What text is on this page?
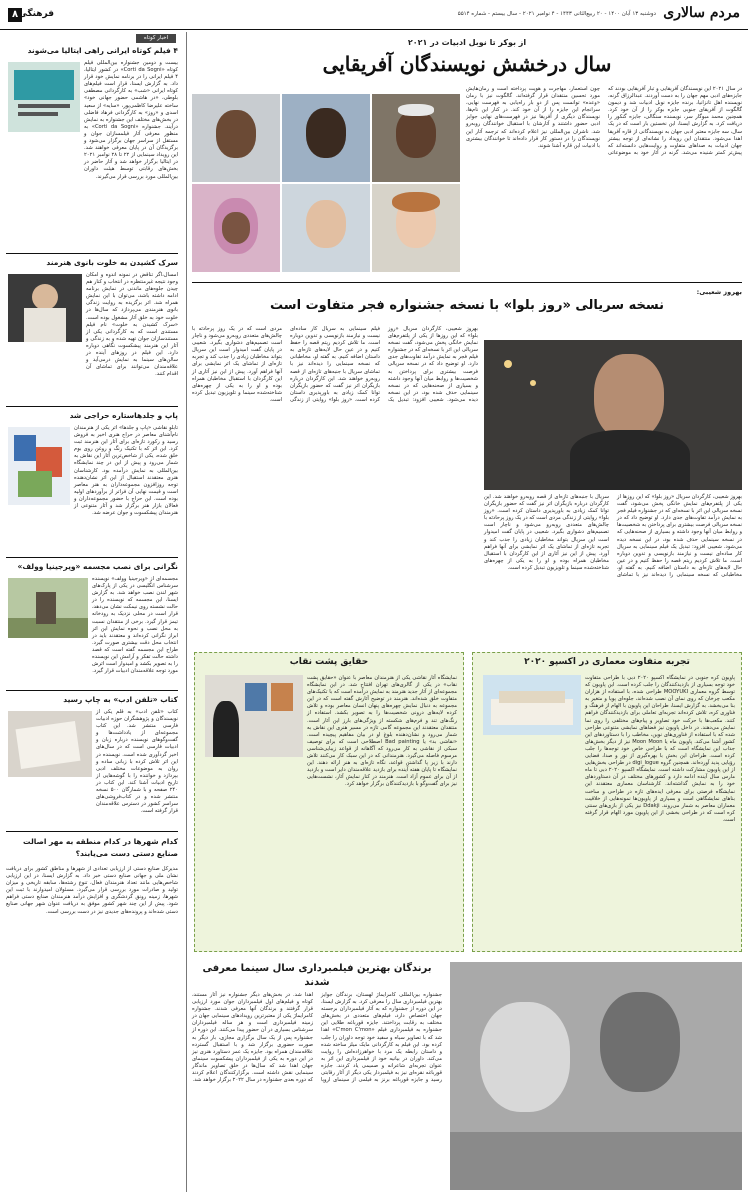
مردم سالاری
دوشنبه ۱۳ آبان ۱۴۰۰ - ۲۰ ربیع‌الثانی ۱۴۴۳ - ۴ نوامبر ۲۰۲۱ - سال بیستم - شماره ۵۵۱۴
۸ فرهنگی
اخبار کوتاه
۴ فیلم کوتاه ایرانی راهی ایتالیا می‌شوند

بیست و دومین جشنواره بین‌المللی فیلم کوتاه «Corti da Sogni» در کشور ایتالیا، ۴ فیلم ایرانی را در برنامه نمایش خود قرار داد. به گزارش ایسنا، قرار است فیلم‌های کوتاه ایرانی «شب» به کارگردانی مصطفی بلوطی، «در هاشمی حضور جهانی خود» ساخته علیرضا کاظمی‌پور، «سایه» از سعید اسدی و «روز» به کارگردانی فرهاد فاضلی در بخش‌های مختلف این جشنواره به نمایش درآیند. جشنواره «Corti da Sogni» به منظور معرفی آثار فیلمسازان جوان و مستقل از سراسر جهان برگزار می‌شود و برگزیدگان آن در پایان معرفی خواهند شد. این رویداد سینمایی از ۲۲ تا ۲۸ نوامبر ۲۰۲۱ در ایتالیا برگزار خواهد شد و آثار حاضر در بخش‌های رقابتی توسط هیئت داوران بین‌المللی مورد بررسی قرار می‌گیرند.

سرک کشیدن به خلوت بانوی هنرمند

امسال،اگر تناقض در نمونه اندوه و امکان وجود نتیجه غیرمنتظره در انتخاب و کنار هم چیدن جلوه‌های ماندنی در نمایش برنامه ادامه داشته باشد، می‌توان با این نمایش همراه شد. اثر برگزیده به روایت زندگی بانوی هنرمندی می‌پردازد که سال‌ها در خلوت خود به خلق آثار مشغول بوده است. «سرک کشیدن به خلوت» نام فیلم مستندی است که به کارگردانی یکی از مستندسازان جوان تهیه شده و به زندگی و آثار این هنرمند پیشکسوت نگاهی دوباره دارد. این فیلم در روزهای آینده در سالن‌های سینما به نمایش درمی‌آید و علاقه‌مندان می‌توانند برای تماشای آن اقدام کنند.

پاپ و جلدها‌ستاره حراجی شد

تابلو نقاشی «پاپ و جلدها» اثر یکی از هنرمندان نام‌آشنای معاصر در حراج هنری اخیر به فروش رسید و رکورد تازه‌ای برای آثار این هنرمند ثبت کرد. این اثر که با تکنیک رنگ و روغن روی بوم خلق شده، یکی از شاخص‌ترین آثار این نقاش به شمار می‌رود و پیش از این در چند نمایشگاه بین‌المللی به نمایش درآمده بود. کارشناسان هنری معتقدند استقبال از این اثر نشان‌دهنده توجه روزافزون مجموعه‌داران به هنر معاصر است و قیمت نهایی آن فراتر از برآوردهای اولیه بوده است. این حراج با حضور مجموعه‌داران و فعالان بازار هنر برگزار شد و آثار متنوعی از هنرمندان پیشکسوت و جوان عرضه شد.

نگرانی برای نصب مجسمه «ویرجینیا وولف»

مجسمه‌ای از «ویرجینیا وولف» نویسنده سرشناس انگلیسی در یکی از پارک‌های شهر لندن نصب خواهد شد. به گزارش ایسنا، این مجسمه که نویسنده را در حالت نشسته روی نیمکت نشان می‌دهد، قرار است در محلی نزدیک به رودخانه تیمز قرار گیرد. برخی از منتقدان نسبت به محل نصب و نحوه نمایش این اثر ابراز نگرانی کرده‌اند و معتقدند باید در انتخاب محل دقت بیشتری صورت گیرد. طراح این مجسمه گفته است که قصد داشته حالت تفکر و آرامش این نویسنده را به تصویر بکشد و امیدوار است اثرش مورد توجه علاقه‌مندان ادبیات قرار گیرد.

کتاب «تلفن ادب» به چاپ رسید

کتاب «تلفن ادب» به قلم یکی از نویسندگان و پژوهشگران حوزه ادبیات فارسی منتشر شد. این کتاب مجموعه‌ای از یادداشت‌ها و گفت‌وگوهای نویسنده درباره زبان و ادبیات فارسی است که در سال‌های اخیر گردآوری شده است. نویسنده در این اثر تلاش کرده با زبانی ساده و روان به موضوعات مختلف ادبی بپردازد و خواننده را با گوشه‌هایی از تاریخ ادبیات آشنا کند. این کتاب در ۲۴۰ صفحه و با شمارگان ۵۰۰ نسخه منتشر شده و در کتاب‌فروشی‌های سراسر کشور در دسترس علاقه‌مندان قرار گرفته است.

کدام شهرها در کدام منطقه به مهر اصالت صنایع دستی دست می‌یابند؟

مدیرکل صنایع دستی از ارزیابی تعدادی از شهرها و مناطق کشور برای دریافت نشان ملی و جهانی صنایع دستی خبر داد. به گزارش ایسنا، در این ارزیابی شاخص‌هایی مانند تعداد هنرمندان فعال، تنوع رشته‌ها، سابقه تاریخی و میزان تولید و صادرات مورد بررسی قرار می‌گیرد. مسئولان امیدوارند با ثبت این شهرها، زمینه رونق گردشگری و افزایش درآمد هنرمندان صنایع دستی فراهم شود. پیش از این چند شهر کشور موفق به دریافت عنوان شهر جهانی صنایع دستی شده‌اند و پرونده‌های جدیدی نیز در دست بررسی است.

از بوکر تا نوبل ادبیات در ۲۰۲۱
سال درخشش نویسندگان آفریقایی

در سال ۲۰۲۱ این نویسندگان آفریقایی و تبار آفریقایی بودند که جایزه‌های ادبی مهم جهان را به دست آوردند. عبدالرزاق گرنه، نویسنده اهل تانزانیا، برنده جایزه نوبل ادبیات شد و دیمون گالگوت از آفریقای جنوبی جایزه بوکر را از آن خود کرد. همچنین محمد مبوگار سر، نویسنده سنگالی، جایزه گنکور را دریافت کرد. به گزارش ایسنا، این نخستین بار است که در یک سال، سه جایزه معتبر ادبی جهان به نویسندگانی از قاره آفریقا اهدا می‌شود. منتقدان این رویداد را نشانه‌ای از توجه بیشتر جهان ادبیات به صداهای متفاوت و روایت‌هایی دانسته‌اند که پیش‌تر کمتر شنیده می‌شد. گرنه در آثار خود به موضوعاتی چون استعمار، مهاجرت و هویت پرداخته است و رمان‌هایش مورد تحسین منتقدان قرار گرفته‌اند. گالگوت نیز با رمان «وعده» توانست پس از دو بار راه‌یابی به فهرست نهایی، سرانجام این جایزه را از آن خود کند. در کنار این نام‌ها، نویسندگان دیگری از آفریقا نیز در فهرست‌های نهایی جوایز ادبی حضور داشتند و آثارشان با استقبال خوانندگان روبه‌رو شد. ناشران بین‌المللی نیز اعلام کرده‌اند که ترجمه آثار این نویسندگان را در دستور کار قرار داده‌اند تا خوانندگان بیشتری با ادبیات این قاره آشنا شوند.

بهروز شعیبی:
نسخه سریالی «روز بلوا» با نسخه جشنواره فجر متفاوت است

بهروز شعیبی، کارگردان سریال «روز بلوا» که این روزها از یکی از پلتفرم‌های نمایش خانگی پخش می‌شود، گفت نسخه سریالی این اثر با نسخه‌ای که در جشنواره فیلم فجر به نمایش درآمد تفاوت‌های جدی دارد. او توضیح داد که در نسخه سریالی فرصت بیشتری برای پرداختن به شخصیت‌ها و روابط میان آنها وجود داشته و بسیاری از صحنه‌هایی که در نسخه سینمایی حذف شده بود، در این نسخه دیده می‌شود. شعیبی افزود: تبدیل یک فیلم سینمایی به سریال کار ساده‌ای نیست و نیازمند بازنویسی و تدوین دوباره است. ما تلاش کردیم ریتم قصه را حفظ کنیم و در عین حال لایه‌های تازه‌ای به داستان اضافه کنیم. به گفته او، مخاطبانی که نسخه سینمایی را دیده‌اند نیز با تماشای سریال با جنبه‌های تازه‌ای از قصه روبه‌رو خواهند شد. این کارگردان درباره بازیگران اثر نیز گفت که حضور بازیگران توانا کمک زیادی به باورپذیری داستان کرده است. «روز بلوا» روایتی از زندگی مردی است که در یک روز پرحادثه با چالش‌های متعددی روبه‌رو می‌شود و ناچار است تصمیم‌های دشواری بگیرد. شعیبی در پایان گفت امیدوار است این سریال بتواند مخاطبان زیادی را جذب کند و تجربه تازه‌ای از تماشای یک اثر نمایشی برای آنها فراهم آورد. پیش از این نیز آثاری از این کارگردان با استقبال مخاطبان همراه بوده و او را به یکی از چهره‌های شناخته‌شده سینما و تلویزیون تبدیل کرده است.

بهروز شعیبی، کارگردان سریال «روز بلوا» که این روزها از یکی از پلتفرم‌های نمایش خانگی پخش می‌شود، گفت نسخه سریالی این اثر با نسخه‌ای که در جشنواره فیلم فجر به نمایش درآمد تفاوت‌های جدی دارد. او توضیح داد که در نسخه سریالی فرصت بیشتری برای پرداختن به شخصیت‌ها و روابط میان آنها وجود داشته و بسیاری از صحنه‌هایی که در نسخه سینمایی حذف شده بود، در این نسخه دیده می‌شود. شعیبی افزود: تبدیل یک فیلم سینمایی به سریال کار ساده‌ای نیست و نیازمند بازنویسی و تدوین دوباره است. ما تلاش کردیم ریتم قصه را حفظ کنیم و در عین حال لایه‌های تازه‌ای به داستان اضافه کنیم. به گفته او، مخاطبانی که نسخه سینمایی را دیده‌اند نیز با تماشای سریال با جنبه‌های تازه‌ای از قصه روبه‌رو خواهند شد. این کارگردان درباره بازیگران اثر نیز گفت که حضور بازیگران توانا کمک زیادی به باورپذیری داستان کرده است. «روز بلوا» روایتی از زندگی مردی است که در یک روز پرحادثه با چالش‌های متعددی روبه‌رو می‌شود و ناچار است تصمیم‌های دشواری بگیرد. شعیبی در پایان گفت امیدوار است این سریال بتواند مخاطبان زیادی را جذب کند و تجربه تازه‌ای از تماشای یک اثر نمایشی برای آنها فراهم آورد. پیش از این نیز آثاری از این کارگردان با استقبال مخاطبان همراه بوده و او را به یکی از چهره‌های شناخته‌شده سینما و تلویزیون تبدیل کرده است.

حقایق پشت نقاب

نمایشگاه آثار نقاشی یکی از هنرمندان معاصر با عنوان «حقایق پشت نقاب» در یکی از گالری‌های تهران افتتاح شد. در این نمایشگاه مجموعه‌ای از آثار جدید هنرمند به نمایش درآمده است که با تکنیک‌های متفاوت خلق شده‌اند. هنرمند در توضیح آثارش گفته است که در این مجموعه به دنبال نمایش چهره‌های پنهان انسان معاصر بوده و تلاش کرده لایه‌های درونی شخصیت‌ها را به تصویر بکشد. استفاده از رنگ‌های تند و فرم‌های شکسته از ویژگی‌های بارز این آثار است. منتقدان معتقدند این مجموعه گامی تازه در مسیر هنری این نقاش به شمار می‌رود و نشان‌دهنده بلوغ او در بیان مفاهیم پیچیده است. «نقاشی بد» یا Bad painting اصطلاحی است که برای توصیف سبکی از نقاشی به کار می‌رود که آگاهانه از قواعد زیبایی‌شناسی مرسوم فاصله می‌گیرد. هنرمندانی که در این سبک کار می‌کنند تلاش دارند با زیر پا گذاشتن قواعد، نگاه تازه‌ای به هنر ارائه دهند. این نمایشگاه تا پایان هفته آینده برای بازدید علاقه‌مندان دایر است و بازدید از آن برای عموم آزاد است. هنرمند در کنار نمایش آثار، نشست‌هایی نیز برای گفت‌وگو با بازدیدکنندگان برگزار خواهد کرد.

تجربه متفاوت معماری در اکسپو ۲۰۲۰

پاویون کره جنوبی در نمایشگاه اکسپو ۲۰۲۰ دبی با طراحی متفاوت خود توجه بسیاری از بازدیدکنندگان را جلب کرده است. این پاویون که توسط گروه معماری MOOYUKI طراحی شده، با استفاده از هزاران مکعب چرخان که روی نمای آن نصب شده‌اند، جلوه‌ای پویا و متغیر به بنا می‌بخشد. به گزارش ایسنا، طراحان این پاویون با الهام از فرهنگ و فناوری کره، تلاش کرده‌اند تجربه‌ای تعاملی برای بازدیدکنندگان فراهم کنند. مکعب‌ها با حرکت خود تصاویر و پیام‌های مختلفی را روی نما نمایش می‌دهند. در داخل پاویون نیز فضاهای نمایشی متنوعی طراحی شده که با استفاده از فناوری‌های نوین، مخاطب را با دستاوردهای این کشور آشنا می‌کند. پاویون ماه یا Moon Moon نیز از دیگر بخش‌های جذاب این نمایشگاه است که با طراحی خاص خود توجه‌ها را جلب کرده است. طراحان این بخش با بهره‌گیری از نور و صدا، فضایی رؤیایی پدید آورده‌اند. همچنین گروه digi_logue در طراحی بخش‌هایی از این پاویون مشارکت داشته است. نمایشگاه اکسپو ۲۰۲۰ دبی تا ماه مارس سال آینده ادامه دارد و کشورهای مختلف در آن دستاوردهای خود را به نمایش گذاشته‌اند. کارشناسان معماری معتقدند این نمایشگاه فرصتی برای معرفی ایده‌های تازه در طراحی و ساخت بناهای نمایشگاهی است و بسیاری از پاویون‌ها نمونه‌هایی از خلاقیت معماران معاصر به شمار می‌روند. Ddakji نیز یکی از بازی‌های سنتی کره است که در طراحی بخشی از این پاویون مورد الهام قرار گرفته است.

برندگان بهترین فیلمبرداری سال سینما معرفی شدند

جشنواره بین‌المللی کامرایماژ لهستان، برندگان جوایز بهترین فیلمبرداری سال را معرفی کرد. به گزارش ایسنا، در این دوره از جشنواره که به آثار فیلمبرداران برجسته جهان اختصاص دارد، فیلم‌های متعددی در بخش‌های مختلف به رقابت پرداختند. جایزه قورباغه طلایی این جشنواره به فیلمبرداری فیلم «C'mon C'mon» اهدا شد که با تصاویر سیاه و سفید خود توجه داوران را جلب کرده بود. این فیلم به کارگردانی مایک میلز ساخته شده و داستان رابطه یک مرد با خواهرزاده‌اش را روایت می‌کند. داوران در بیانیه خود از فیلمبرداری این اثر به عنوان تجربه‌ای شاعرانه و صمیمی یاد کردند. جایزه قورباغه نقره‌ای نیز به فیلمبردار یکی دیگر از آثار رقابتی رسید و جایزه قورباغه برنز به فیلمی از سینمای اروپا اهدا شد. در بخش‌های دیگر جشنواره نیز آثار مستند، کوتاه و فیلم‌های اول فیلمبرداران جوان مورد ارزیابی قرار گرفتند و برندگان آنها معرفی شدند. جشنواره کامرایماژ یکی از معتبرترین رویدادهای سینمایی جهان در زمینه فیلمبرداری است و هر ساله فیلمبرداران سرشناس بسیاری در آن حضور پیدا می‌کنند. این دوره از جشنواره پس از یک سال برگزاری مجازی، بار دیگر به صورت حضوری برگزار شد و با استقبال گسترده علاقه‌مندان همراه بود. جایزه یک عمر دستاورد هنری نیز در این دوره به یکی از فیلمبرداران پیشکسوت سینمای جهان اهدا شد که سال‌ها در خلق تصاویر ماندگار سینمایی نقش داشته است. برگزارکنندگان اعلام کردند که دوره بعدی جشنواره در سال ۲۰۲۲ برگزار خواهد شد.
